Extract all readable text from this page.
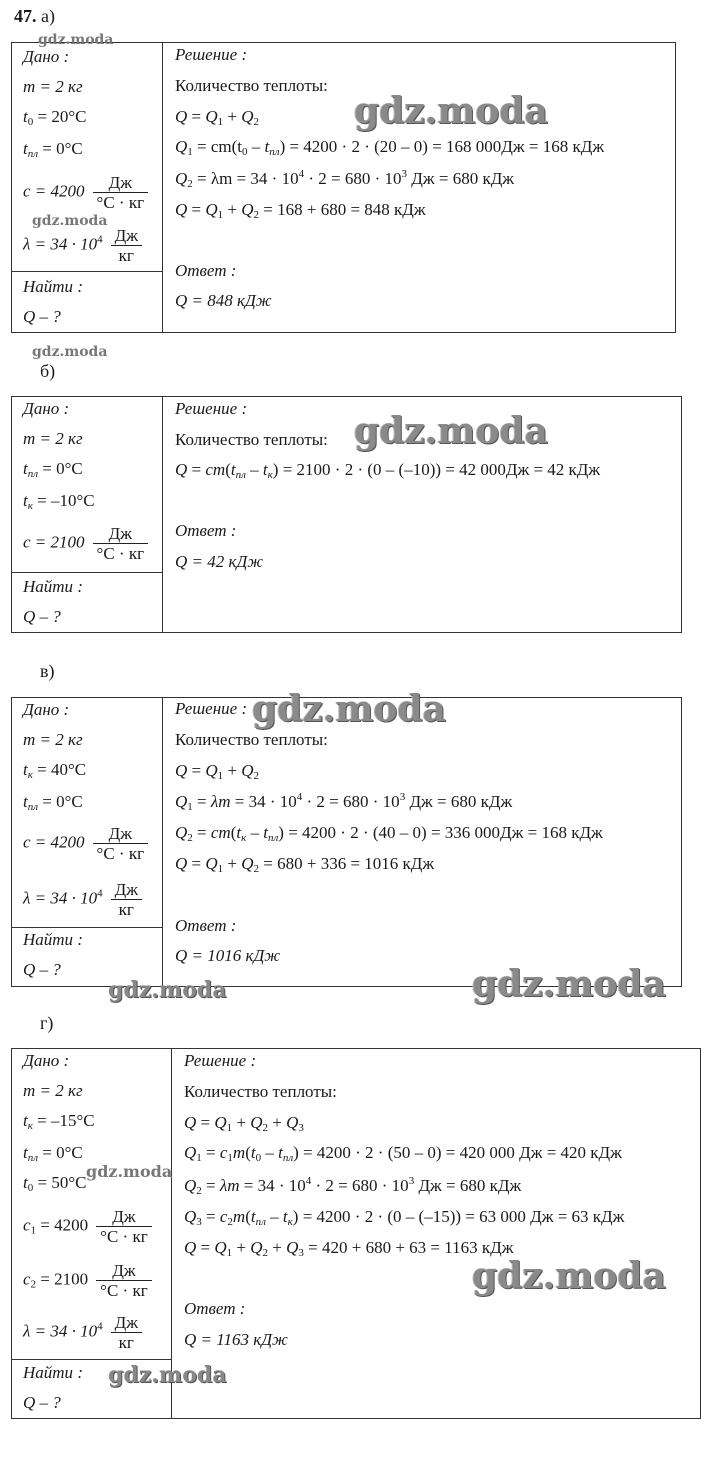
47. а)
Дано :
m = 2 кг
$t_0 = 20^\circ C$
$t_{пл} = 0^\circ C$
$c = 4200 \frac{Дж}{^\circ C \cdot кг}$
$\lambda = 34 \cdot 10^4 \frac{Дж}{кг}$
Найти :
Q – ?
Решение :
Количество теплоты:
$Q = Q_1 + Q_2$
$Q_1 = cm(t_0 - t_{пл}) = 4200 \cdot 2 \cdot (20 - 0) = 168$ 000Дж = 168 кДж
$Q_2 = \lambda m = 34 \cdot 10^4 \cdot 2 = 680 \cdot 10^3$ Дж = 680 кДж
$Q = Q_1 + Q_2 = 168 + 680 = 848$ кДж
Ответ :
Q = 848 кДж
б)
Дано :
m = 2 кг
$t_{пл} = 0^\circ C$
$t_к = -10^\circ C$
$c = 2100 \frac{Дж}{^\circ C \cdot кг}$
Найти :
Q – ?
Решение :
Количество теплоты:
$Q = cm(t_{пл} - t_к) = 2100 \cdot 2 \cdot (0 - (-10)) = 42$ 000Дж = 42 кДж
Ответ :
Q = 42 кДж
в)
Дано :
m = 2 кг
$t_к = 40^\circ C$
$t_{пл} = 0^\circ C$
$c = 4200 \frac{Дж}{^\circ C \cdot кг}$
$\lambda = 34 \cdot 10^4 \frac{Дж}{кг}$
Найти :
Q – ?
Решение :
Количество теплоты:
$Q = Q_1 + Q_2$
$Q_1 = \lambda m = 34 \cdot 10^4 \cdot 2 = 680 \cdot 10^3$ Дж = 680 кДж
$Q_2 = cm(t_к - t_{пл}) = 4200 \cdot 2 \cdot (40 - 0) = 336$ 000Дж = 168 кДж
$Q = Q_1 + Q_2 = 680 + 336 = 1016$ кДж
Ответ :
Q = 1016 кДж
г)
Дано :
m = 2 кг
$t_к = -15^\circ C$
$t_{пл} = 0^\circ C$
$t_0 = 50^\circ C$
$c_1 = 4200 \frac{Дж}{^\circ C \cdot кг}$
$c_2 = 2100 \frac{Дж}{^\circ C \cdot кг}$
$\lambda = 34 \cdot 10^4 \frac{Дж}{кг}$
Найти :
Q – ?
Решение :
Количество теплоты:
$Q = Q_1 + Q_2 + Q_3$
$Q_1 = c_1m(t_0 - t_{пл}) = 4200 \cdot 2 \cdot (50 - 0) = 420$ 000 Дж = 420 кДж
$Q_2 = \lambda m = 34 \cdot 10^4 \cdot 2 = 680 \cdot 10^3$ Дж = 680 кДж
$Q_3 = c_2m(t_{пл} - t_к) = 4200 \cdot 2 \cdot (0 - (-15)) = 63$ 000 Дж = 63 кДж
$Q = Q_1 + Q_2 + Q_3 = 420 + 680 + 63 = 1163$ кДж
Ответ :
Q = 1163 кДж
gdz.moda
gdz.moda
gdz.moda
gdz.moda
gdz.moda
gdz.moda
gdz.moda	gdz.moda
gdz.moda
gdz.moda
gdz.moda
